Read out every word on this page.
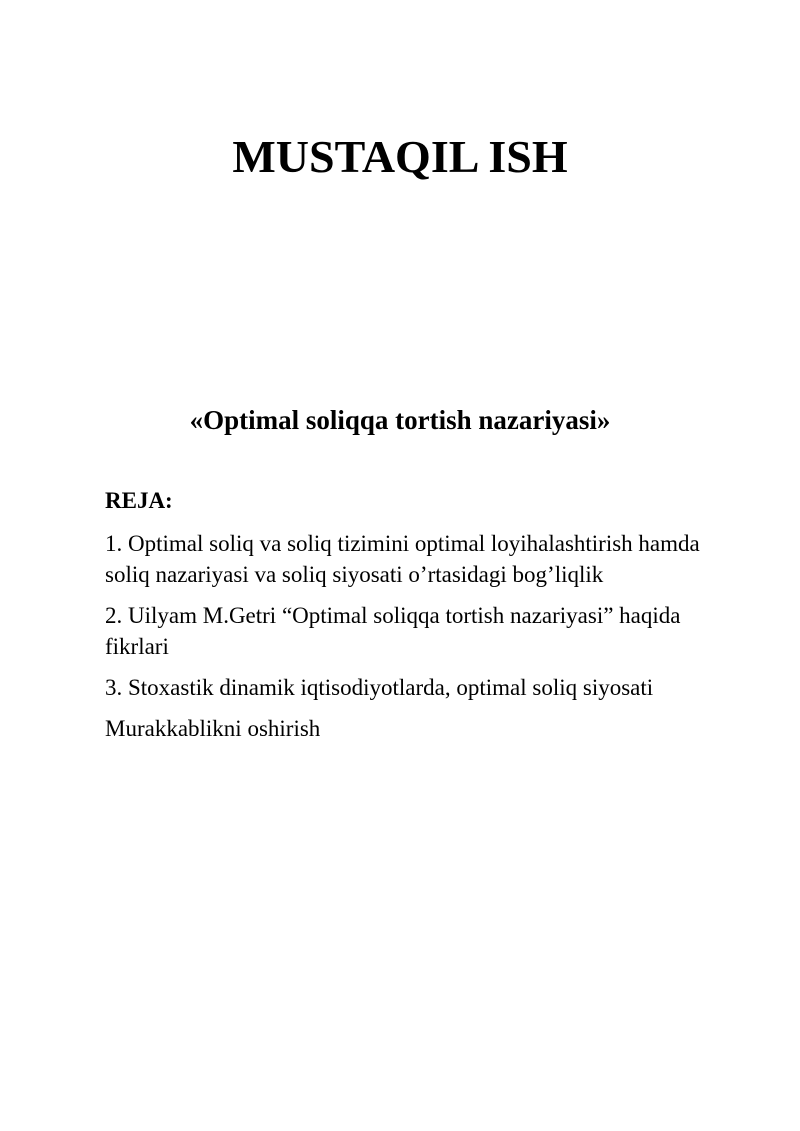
MUSTAQIL ISH
«Optimal soliqqa tortish nazariyasi»

REJA:

1. Optimal soliq va soliq tizimini optimal loyihalashtirish hamda soliq nazariyasi va soliq siyosati o’rtasidagi bog’liqlik

2. Uilyam M.Getri “Optimal soliqqa tortish nazariyasi” haqida fikrlari

3. Stoxastik dinamik iqtisodiyotlarda, optimal soliq siyosati

Murakkablikni oshirish
